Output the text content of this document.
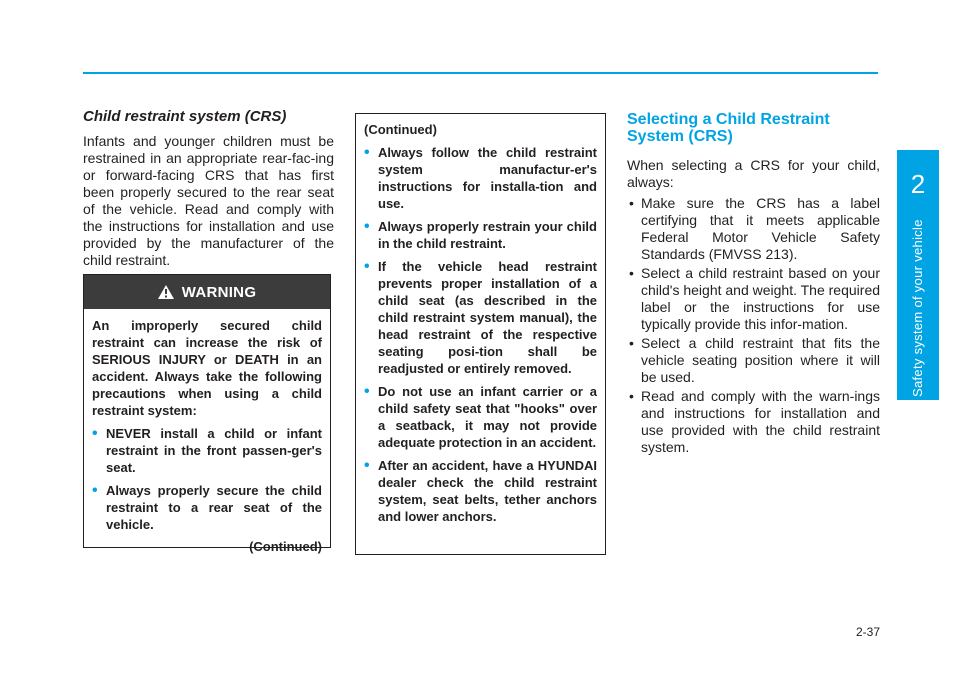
2
Safety system of your vehicle
Child restraint system (CRS)

Infants and younger children must be restrained in an appropriate rear-fac-ing or forward-facing CRS that has first been properly secured to the rear seat of the vehicle. Read and comply with the instructions for installation and use provided by the manufacturer of the child restraint.

WARNING

An improperly secured child restraint can increase the risk of SERIOUS INJURY or DEATH in an accident. Always take the following precautions when using a child restraint system:

• NEVER install a child or infant restraint in the front passen-ger's seat.
• Always properly secure the child restraint to a rear seat of the vehicle.
(Continued)
(Continued)
• Always follow the child restraint system manufactur-er's instructions for installa-tion and use.
• Always properly restrain your child in the child restraint.
• If the vehicle head restraint prevents proper installation of a child seat (as described in the child restraint system manual), the head restraint of the respective seating posi-tion shall be readjusted or entirely removed.
• Do not use an infant carrier or a child safety seat that "hooks" over a seatback, it may not provide adequate protection in an accident.
• After an accident, have a HYUNDAI dealer check the child restraint system, seat belts, tether anchors and lower anchors.
Selecting a Child Restraint System (CRS)

When selecting a CRS for your child, always:

• Make sure the CRS has a label certifying that it meets applicable Federal Motor Vehicle Safety Standards (FMVSS 213).
• Select a child restraint based on your child's height and weight. The required label or the instructions for use typically provide this infor-mation.
• Select a child restraint that fits the vehicle seating position where it will be used.
• Read and comply with the warn-ings and instructions for installation and use provided with the child restraint system.
2-37
